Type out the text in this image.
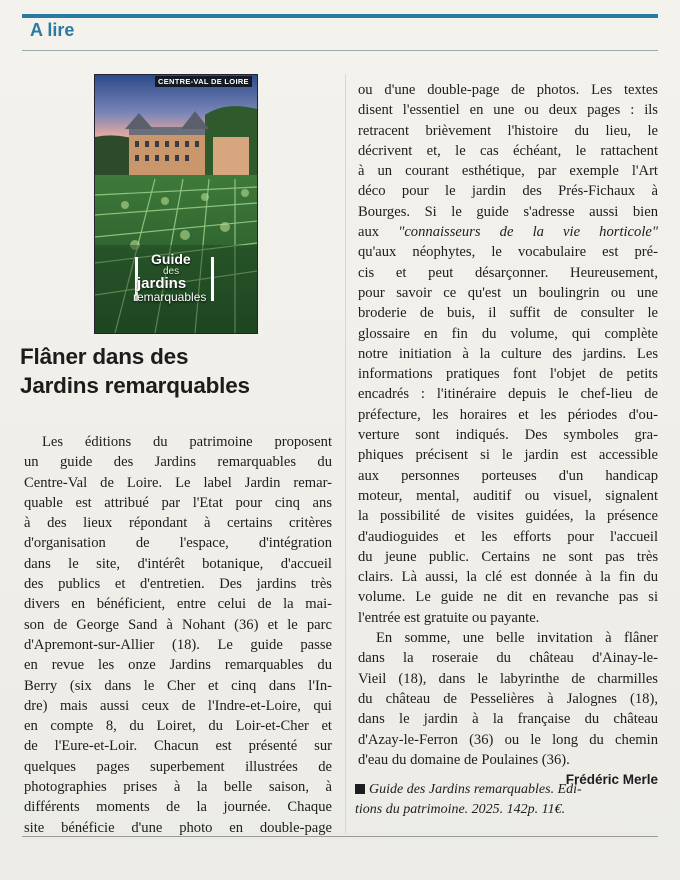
A lire
CENTRE-VAL DE LOIRE
Guide
des
jardins
remarquables
Flâner dans des
Jardins remarquables
Les éditions du patrimoine proposent
un guide des Jardins remarquables du
Centre-Val de Loire. Le label Jardin remar-
quable est attribué par l'Etat pour cinq ans
à des lieux répondant à certains critères
d'organisation de l'espace, d'intégration
dans le site, d'intérêt botanique, d'accueil
des publics et d'entretien. Des jardins très
divers en bénéficient, entre celui de la mai-
son de George Sand à Nohant (36) et le parc
d'Apremont-sur-Allier (18). Le guide passe
en revue les onze Jardins remarquables du
Berry (six dans le Cher et cinq dans l'In-
dre) mais aussi ceux de l'Indre-et-Loire, qui
en compte 8, du Loiret, du Loir-et-Cher et
de l'Eure-et-Loir. Chacun est présenté sur
quelques pages superbement illustrées de
photographies prises à la belle saison, à
différents moments de la journée. Chaque
site bénéficie d'une photo en double-page
ou d'une double-page de photos. Les textes
disent l'essentiel en une ou deux pages : ils
retracent brièvement l'histoire du lieu, le
décrivent et, le cas échéant, le rattachent
à un courant esthétique, par exemple l'Art
déco pour le jardin des Prés-Fichaux à
Bourges. Si le guide s'adresse aussi bien
aux "connaisseurs de la vie horticole"
qu'aux néophytes, le vocabulaire est pré-
cis et peut désarçonner. Heureusement,
pour savoir ce qu'est un boulingrin ou une
broderie de buis, il suffit de consulter le
glossaire en fin du volume, qui complète
notre initiation à la culture des jardins. Les
informations pratiques font l'objet de petits
encadrés : l'itinéraire depuis le chef-lieu de
préfecture, les horaires et les périodes d'ou-
verture sont indiqués. Des symboles gra-
phiques précisent si le jardin est accessible
aux personnes porteuses d'un handicap
moteur, mental, auditif ou visuel, signalent
la possibilité de visites guidées, la présence
d'audioguides et les efforts pour l'accueil
du jeune public. Certains ne sont pas très
clairs. Là aussi, la clé est donnée à la fin du
volume. Le guide ne dit en revanche pas si
l'entrée est gratuite ou payante.
En somme, une belle invitation à flâner
dans la roseraie du château d'Ainay-le-
Vieil (18), dans le labyrinthe de charmilles
du château de Pesselières à Jalognes (18),
dans le jardin à la française du château
d'Azay-le-Ferron (36) ou le long du chemin
d'eau du domaine de Poulaines (36).
Frédéric Merle
Guide des Jardins remarquables. Edi-
tions du patrimoine. 2025. 142p. 11€.
